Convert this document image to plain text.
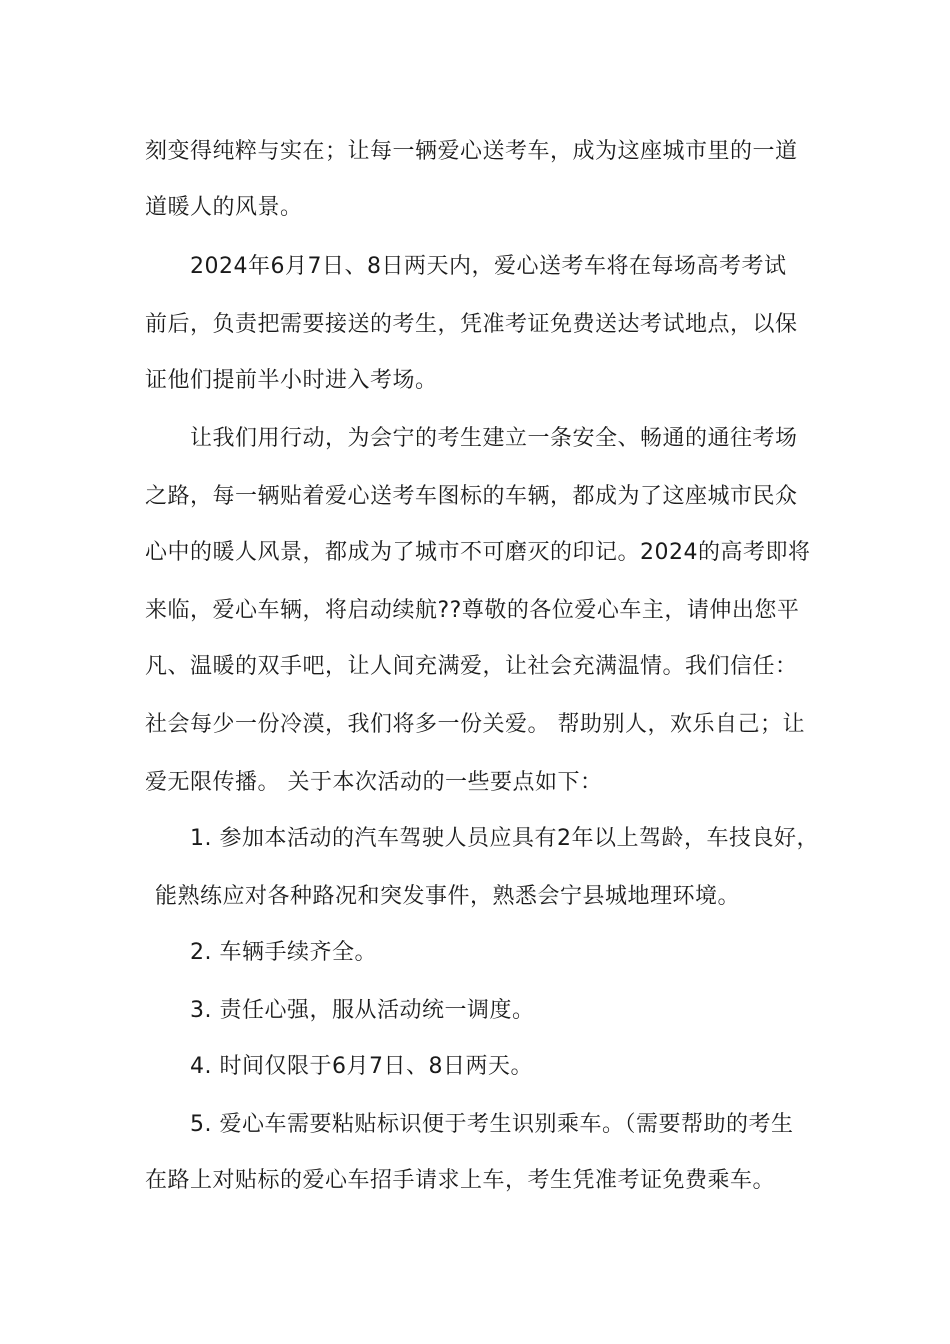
刻变得纯粹与实在；让每一辆爱心送考车，成为这座城市里的一道
道暖人的风景。
2024年6月7日、8日两天内，爱心送考车将在每场高考考试
前后，负责把需要接送的考生，凭准考证免费送达考试地点，以保
证他们提前半小时进入考场。
让我们用行动，为会宁的考生建立一条安全、畅通的通往考场
之路，每一辆贴着爱心送考车图标的车辆，都成为了这座城市民众
心中的暖人风景，都成为了城市不可磨灭的印记。2024的高考即将
来临，爱心车辆，将启动续航??尊敬的各位爱心车主，请伸出您平
凡、温暖的双手吧，让人间充满爱，让社会充满温情。我们信任：
社会每少一份冷漠，我们将多一份关爱。 帮助别人，欢乐自己；让
爱无限传播。 关于本次活动的一些要点如下：
1. 参加本活动的汽车驾驶人员应具有2年以上驾龄，车技良好，
能熟练应对各种路况和突发事件，熟悉会宁县城地理环境。
2. 车辆手续齐全。
3. 责任心强，服从活动统一调度。
4. 时间仅限于6月7日、8日两天。
5. 爱心车需要粘贴标识便于考生识别乘车。（需要帮助的考生
在路上对贴标的爱心车招手请求上车，考生凭准考证免费乘车。
